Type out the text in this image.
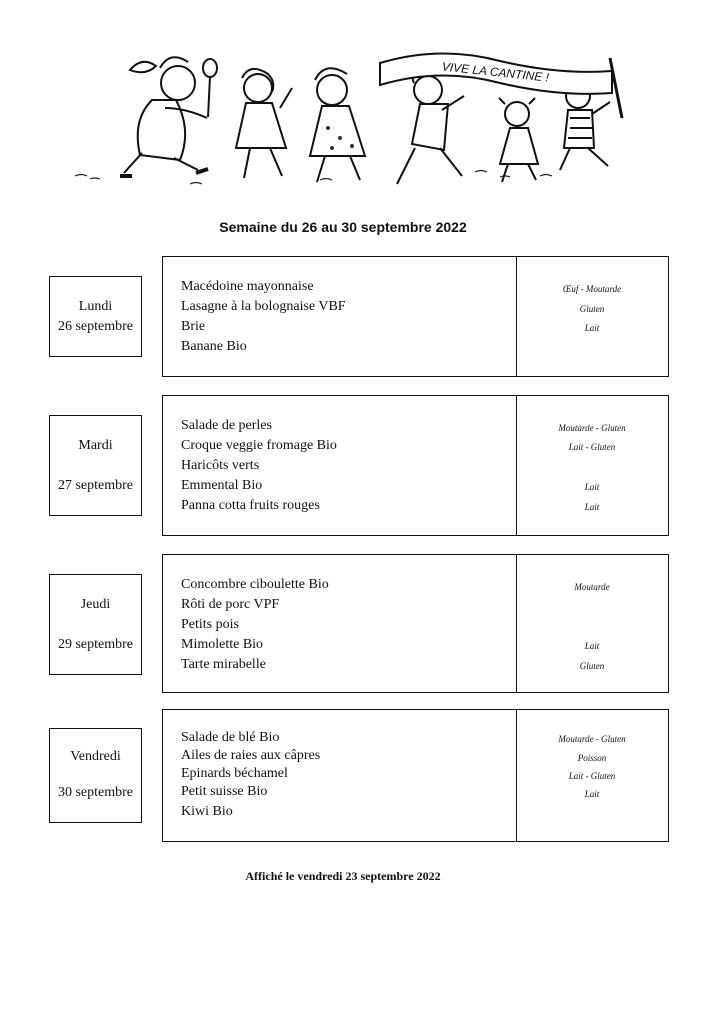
VIVE LA CANTINE !
Semaine du 26 au 30 septembre 2022
Lundi
26 septembre
Macédoine mayonnaise
Lasagne à la bolognaise VBF
Brie
Banane Bio
Œuf - Moutarde
Gluten
Lait
Mardi
27 septembre
Salade de perles
Croque veggie fromage Bio
Haricôts verts
Emmental Bio
Panna cotta fruits rouges
Moutarde - Gluten
Lait - Gluten
Lait
Lait
Jeudi
29 septembre
Concombre ciboulette Bio
Rôti de porc VPF
Petits pois
Mimolette Bio
Tarte mirabelle
Moutarde
Lait
Gluten
Vendredi
30 septembre
Salade de blé Bio
Ailes de raies aux câpres
Epinards béchamel
Petit suisse Bio
Kiwi Bio
Moutarde - Gluten
Poisson
Lait - Gluten
Lait
Affiché le vendredi 23 septembre 2022
